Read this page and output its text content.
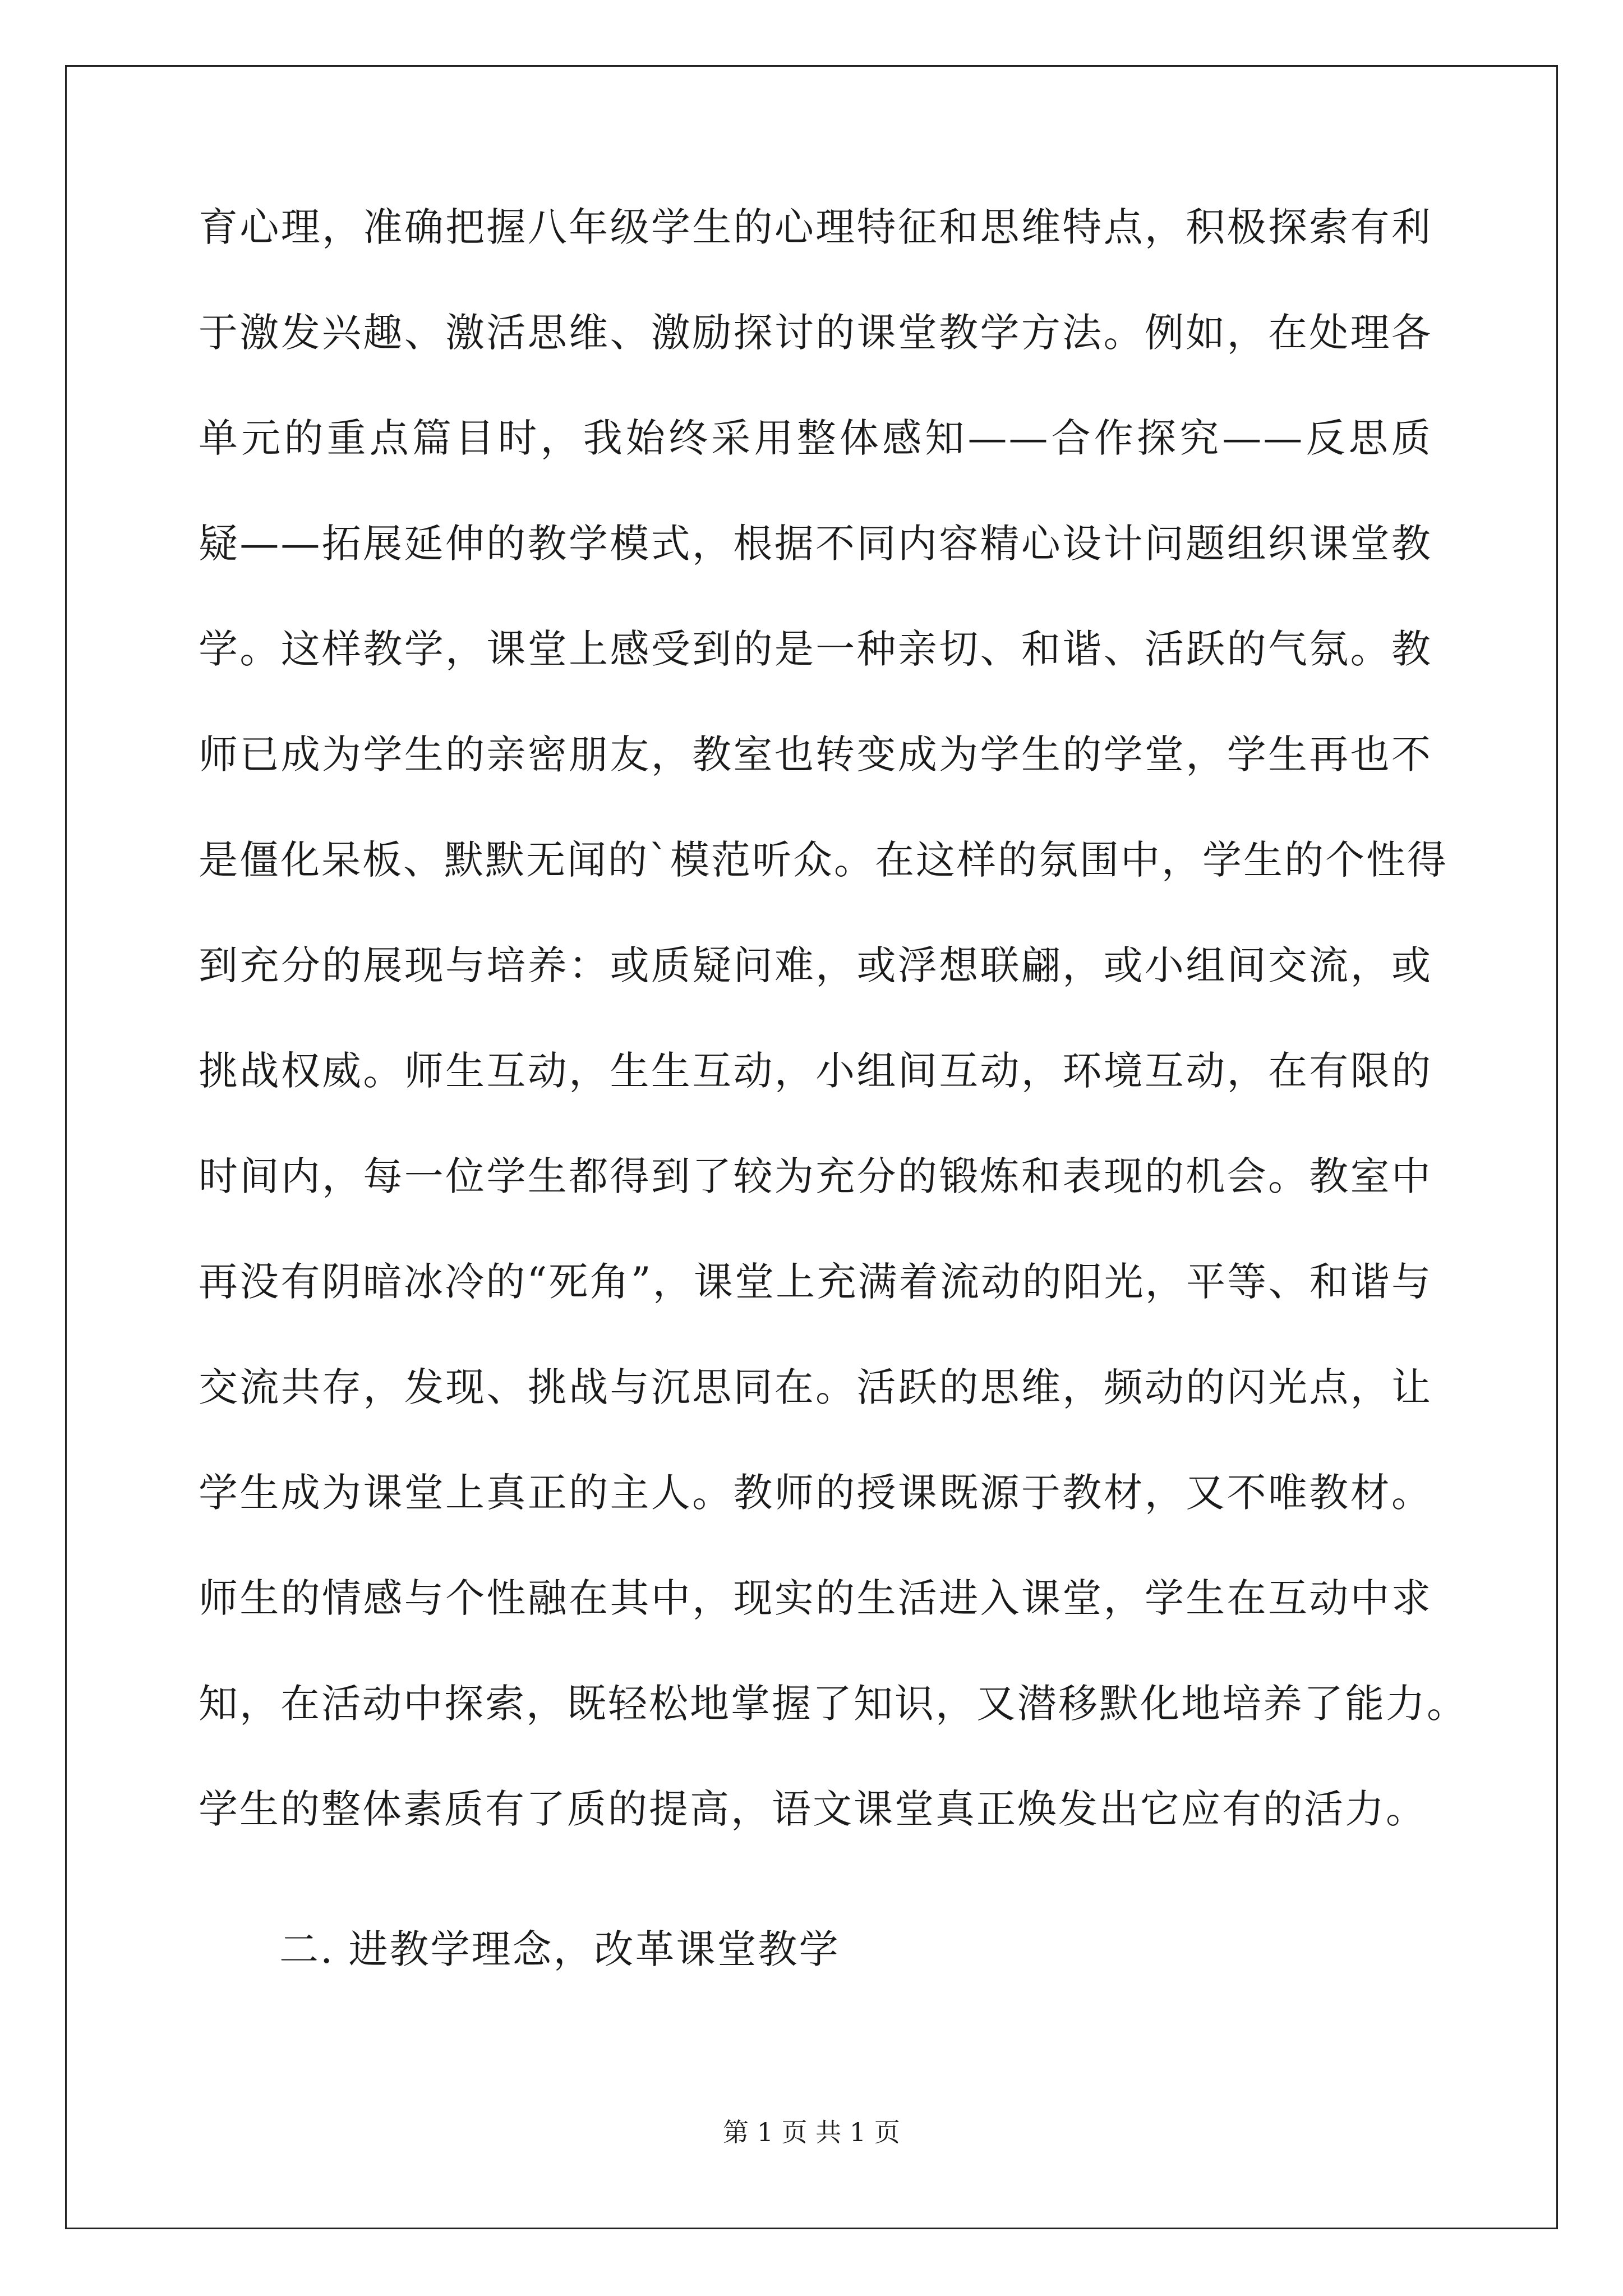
育心理，准确把握八年级学生的心理特征和思维特点，积极探索有利
于激发兴趣、激活思维、激励探讨的课堂教学方法。例如，在处理各
单元的重点篇目时，我始终采用整体感知——合作探究——反思质
疑——拓展延伸的教学模式，根据不同内容精心设计问题组织课堂教
学。这样教学，课堂上感受到的是一种亲切、和谐、活跃的气氛。教
师已成为学生的亲密朋友，教室也转变成为学生的学堂，学生再也不
是僵化呆板、默默无闻的`模范听众。在这样的氛围中，学生的个性得
到充分的展现与培养：或质疑问难，或浮想联翩，或小组间交流，或
挑战权威。师生互动，生生互动，小组间互动，环境互动，在有限的
时间内，每一位学生都得到了较为充分的锻炼和表现的机会。教室中
再没有阴暗冰冷的“死角”，课堂上充满着流动的阳光，平等、和谐与
交流共存，发现、挑战与沉思同在。活跃的思维，频动的闪光点，让
学生成为课堂上真正的主人。教师的授课既源于教材，又不唯教材。
师生的情感与个性融在其中，现实的生活进入课堂，学生在互动中求
知，在活动中探索，既轻松地掌握了知识，又潜移默化地培养了能力。
学生的整体素质有了质的提高，语文课堂真正焕发出它应有的活力。
二. 进教学理念，改革课堂教学
第 1 页 共 1 页
